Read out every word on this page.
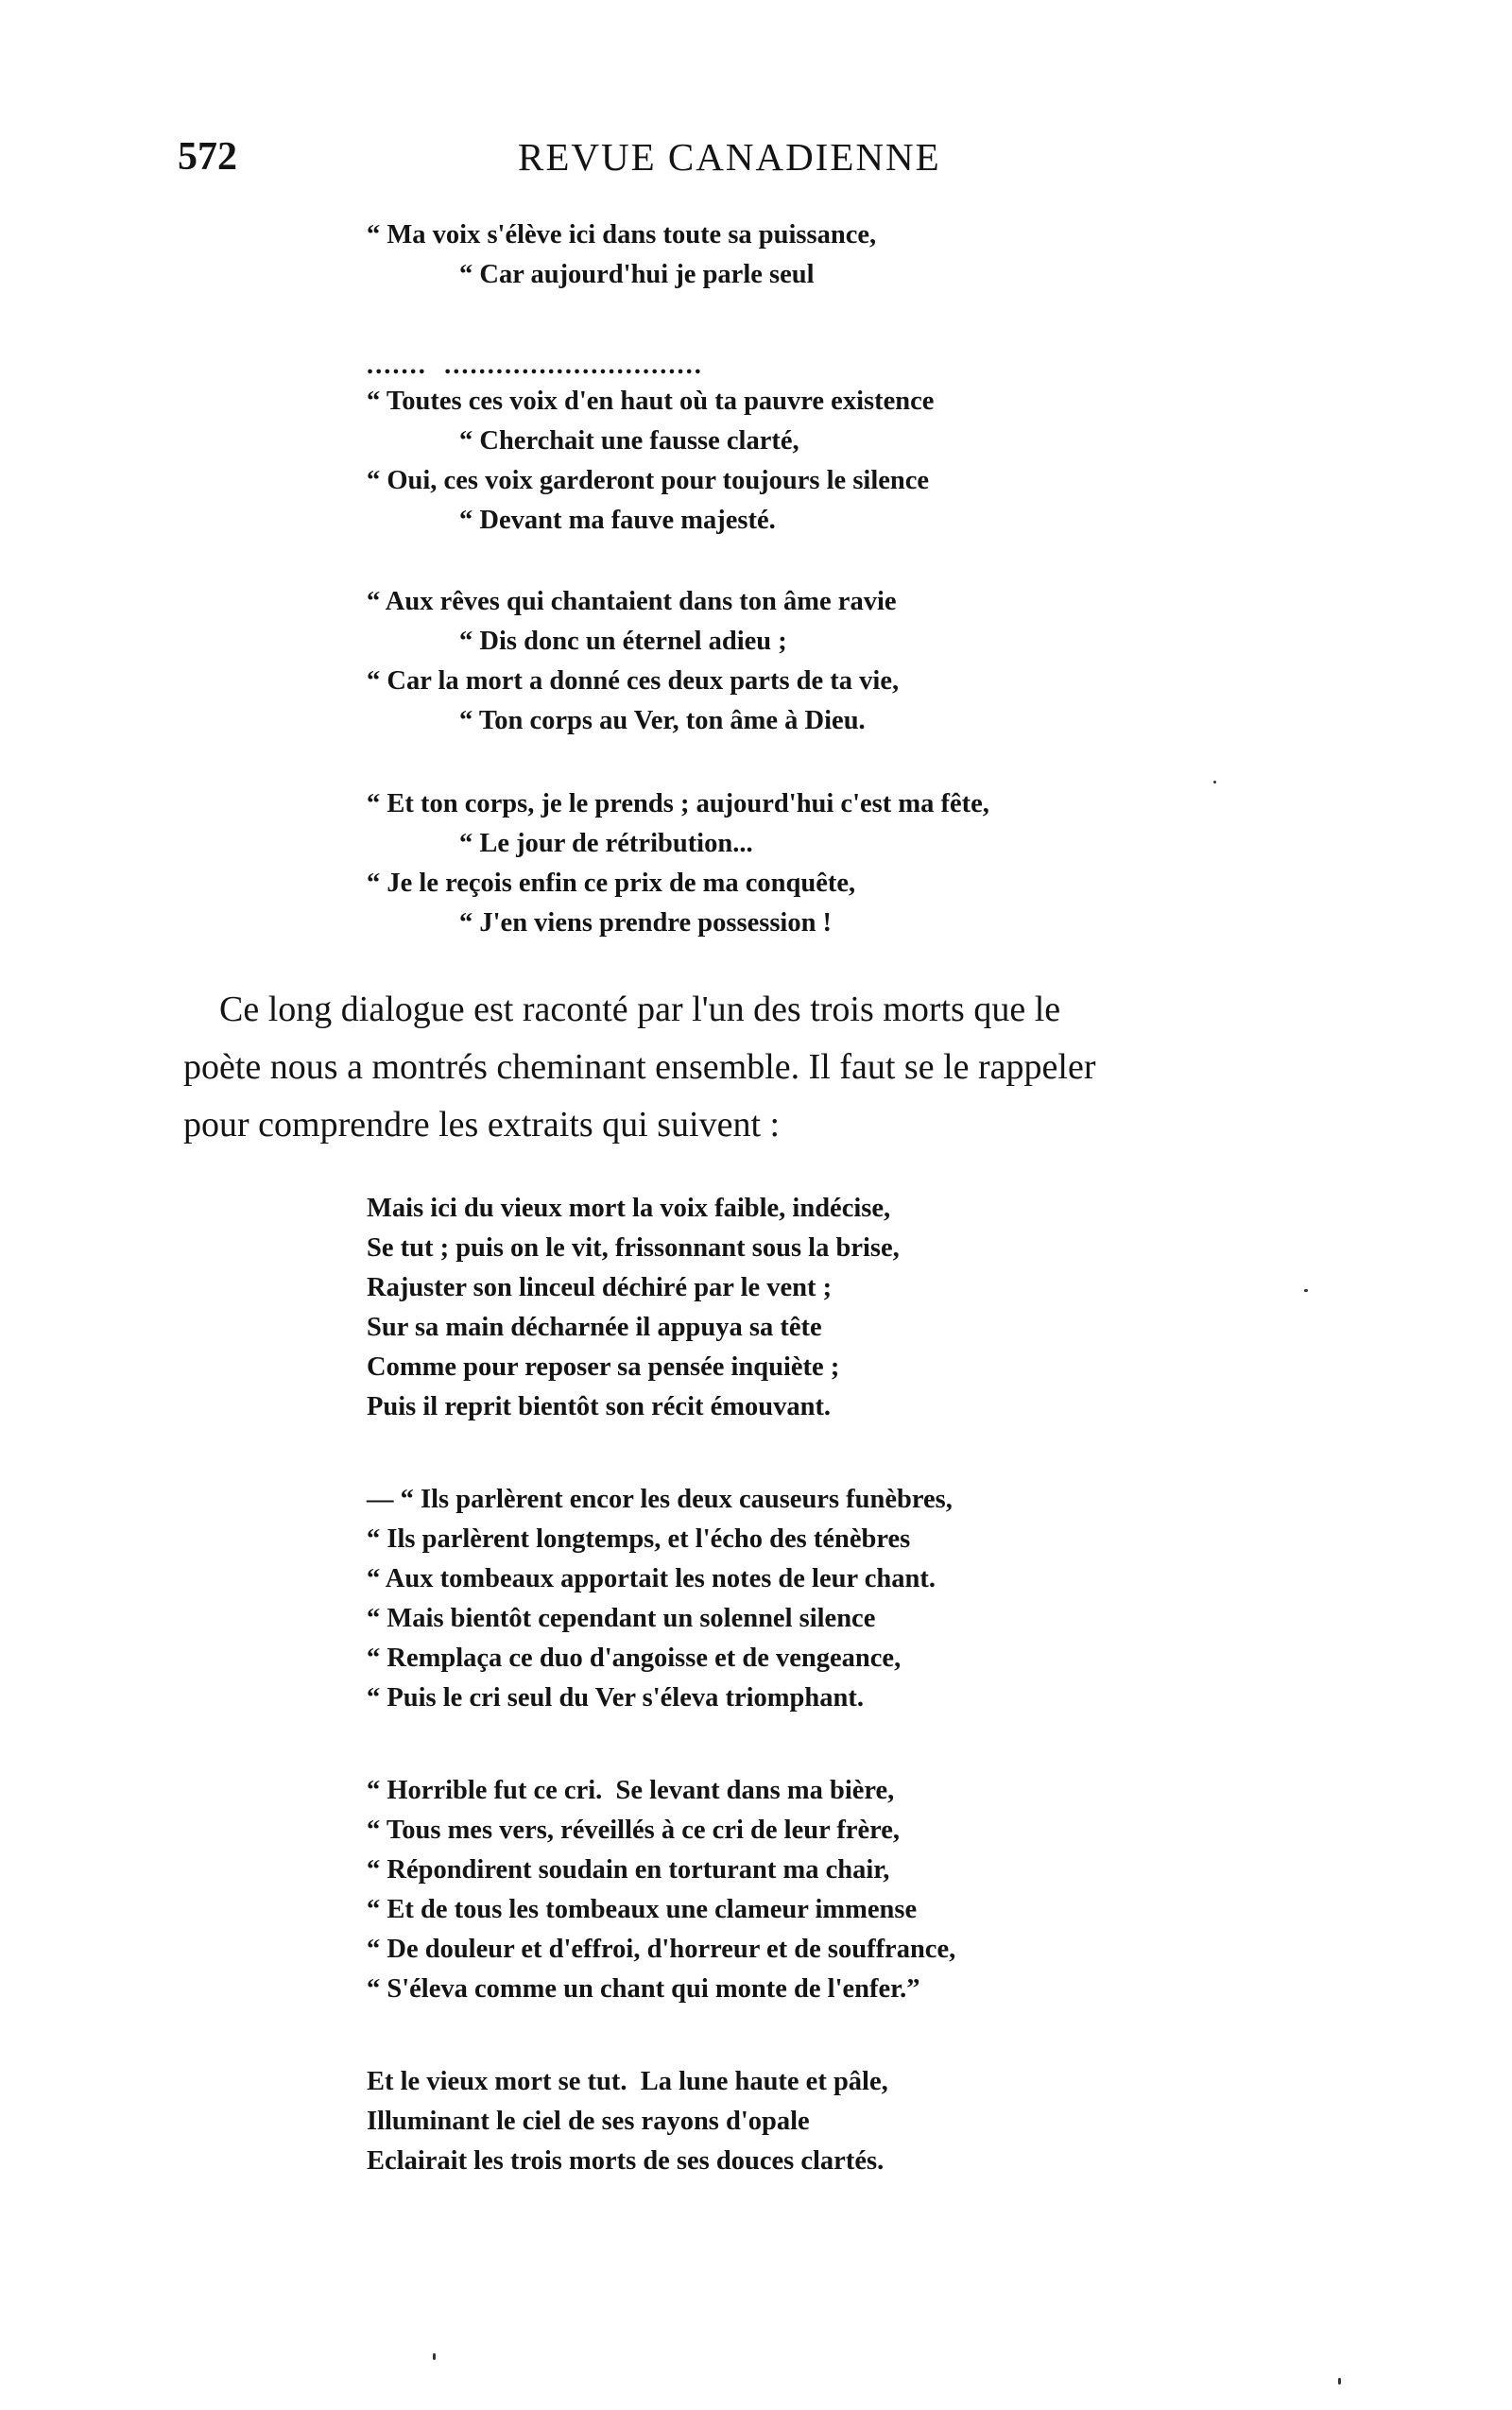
572	REVUE CANADIENNE
“ Ma voix s'élève ici dans toute sa puissance,
“ Car aujourd'hui je parle seul
.......  ..............................
“ Toutes ces voix d'en haut où ta pauvre existence
“ Cherchait une fausse clarté,
“ Oui, ces voix garderont pour toujours le silence
“ Devant ma fauve majesté.
“ Aux rêves qui chantaient dans ton âme ravie
“ Dis donc un éternel adieu ;
“ Car la mort a donné ces deux parts de ta vie,
“ Ton corps au Ver, ton âme à Dieu.
“ Et ton corps, je le prends ; aujourd'hui c'est ma fête,
“ Le jour de rétribution...
“ Je le reçois enfin ce prix de ma conquête,
“ J'en viens prendre possession !

Ce long dialogue est raconté par l'un des trois morts que le
poète nous a montrés cheminant ensemble. Il faut se le rappeler
pour comprendre les extraits qui suivent :

Mais ici du vieux mort la voix faible, indécise,
Se tut ; puis on le vit, frissonnant sous la brise,
Rajuster son linceul déchiré par le vent ;
Sur sa main décharnée il appuya sa tête
Comme pour reposer sa pensée inquiète ;
Puis il reprit bientôt son récit émouvant.
— “ Ils parlèrent encor les deux causeurs funèbres,
“ Ils parlèrent longtemps, et l'écho des ténèbres
“ Aux tombeaux apportait les notes de leur chant.
“ Mais bientôt cependant un solennel silence
“ Remplaça ce duo d'angoisse et de vengeance,
“ Puis le cri seul du Ver s'éleva triomphant.
“ Horrible fut ce cri.  Se levant dans ma bière,
“ Tous mes vers, réveillés à ce cri de leur frère,
“ Répondirent soudain en torturant ma chair,
“ Et de tous les tombeaux une clameur immense
“ De douleur et d'effroi, d'horreur et de souffrance,
“ S'éleva comme un chant qui monte de l'enfer.”
Et le vieux mort se tut.  La lune haute et pâle,
Illuminant le ciel de ses rayons d'opale
Eclairait les trois morts de ses douces clartés.
